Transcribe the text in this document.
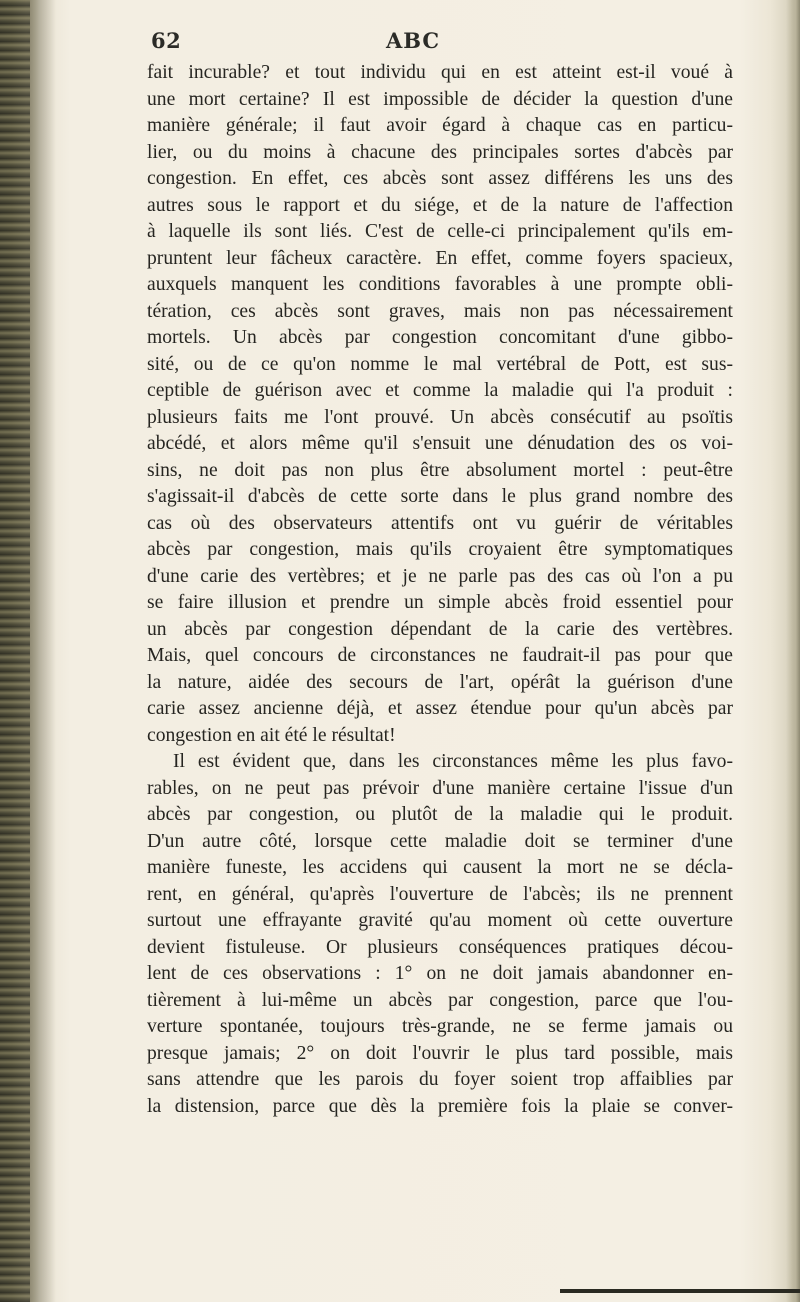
62	ABC
fait incurable? et tout individu qui en est atteint est-il voué à
une mort certaine? Il est impossible de décider la question d'une
manière générale; il faut avoir égard à chaque cas en particu-
lier, ou du moins à chacune des principales sortes d'abcès par
congestion. En effet, ces abcès sont assez différens les uns des
autres sous le rapport et du siége, et de la nature de l'affection
à laquelle ils sont liés. C'est de celle-ci principalement qu'ils em-
pruntent leur fâcheux caractère. En effet, comme foyers spacieux,
auxquels manquent les conditions favorables à une prompte obli-
tération, ces abcès sont graves, mais non pas nécessairement
mortels. Un abcès par congestion concomitant d'une gibbo-
sité, ou de ce qu'on nomme le mal vertébral de Pott, est sus-
ceptible de guérison avec et comme la maladie qui l'a produit :
plusieurs faits me l'ont prouvé. Un abcès consécutif au psoïtis
abcédé, et alors même qu'il s'ensuit une dénudation des os voi-
sins, ne doit pas non plus être absolument mortel : peut-être
s'agissait-il d'abcès de cette sorte dans le plus grand nombre des
cas où des observateurs attentifs ont vu guérir de véritables
abcès par congestion, mais qu'ils croyaient être symptomatiques
d'une carie des vertèbres; et je ne parle pas des cas où l'on a pu
se faire illusion et prendre un simple abcès froid essentiel pour
un abcès par congestion dépendant de la carie des vertèbres.
Mais, quel concours de circonstances ne faudrait-il pas pour que
la nature, aidée des secours de l'art, opérât la guérison d'une
carie assez ancienne déjà, et assez étendue pour qu'un abcès par
congestion en ait été le résultat!
Il est évident que, dans les circonstances même les plus favo-
rables, on ne peut pas prévoir d'une manière certaine l'issue d'un
abcès par congestion, ou plutôt de la maladie qui le produit.
D'un autre côté, lorsque cette maladie doit se terminer d'une
manière funeste, les accidens qui causent la mort ne se décla-
rent, en général, qu'après l'ouverture de l'abcès; ils ne prennent
surtout une effrayante gravité qu'au moment où cette ouverture
devient fistuleuse. Or plusieurs conséquences pratiques décou-
lent de ces observations : 1° on ne doit jamais abandonner en-
tièrement à lui-même un abcès par congestion, parce que l'ou-
verture spontanée, toujours très-grande, ne se ferme jamais ou
presque jamais; 2° on doit l'ouvrir le plus tard possible, mais
sans attendre que les parois du foyer soient trop affaiblies par
la distension, parce que dès la première fois la plaie se conver-
